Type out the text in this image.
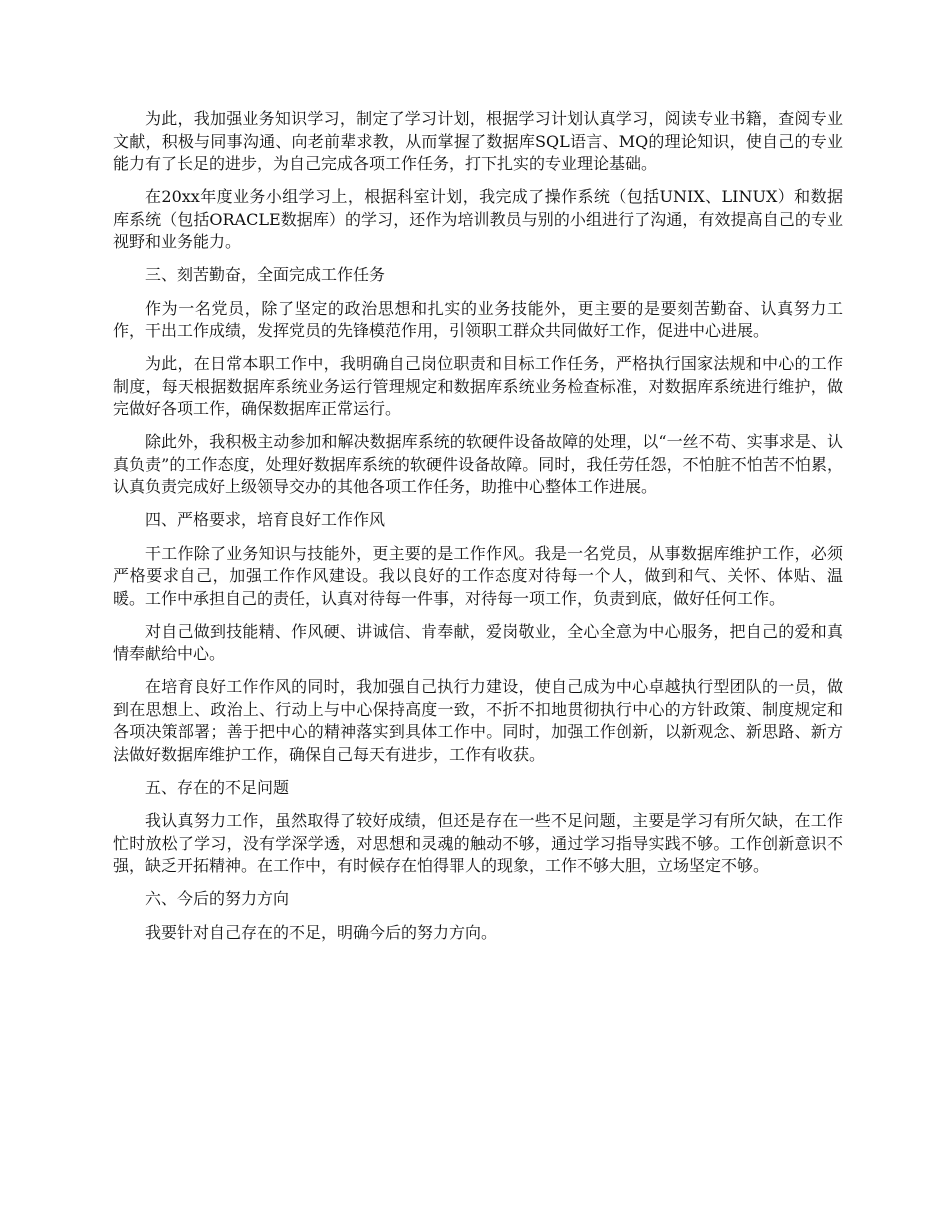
为此，我加强业务知识学习，制定了学习计划，根据学习计划认真学习，阅读专业书籍，查阅专业文献，积极与同事沟通、向老前辈求教，从而掌握了数据库SQL语言、MQ的理论知识，使自己的专业能力有了长足的进步，为自己完成各项工作任务，打下扎实的专业理论基础。

在20xx年度业务小组学习上，根据科室计划，我完成了操作系统（包括UNIX、LINUX）和数据库系统（包括ORACLE数据库）的学习，还作为培训教员与别的小组进行了沟通，有效提高自己的专业视野和业务能力。

三、刻苦勤奋，全面完成工作任务

作为一名党员，除了坚定的政治思想和扎实的业务技能外，更主要的是要刻苦勤奋、认真努力工作，干出工作成绩，发挥党员的先锋模范作用，引领职工群众共同做好工作，促进中心进展。

为此，在日常本职工作中，我明确自己岗位职责和目标工作任务，严格执行国家法规和中心的工作制度，每天根据数据库系统业务运行管理规定和数据库系统业务检查标准，对数据库系统进行维护，做完做好各项工作，确保数据库正常运行。

除此外，我积极主动参加和解决数据库系统的软硬件设备故障的处理，以“一丝不苟、实事求是、认真负责”的工作态度，处理好数据库系统的软硬件设备故障。同时，我任劳任怨，不怕脏不怕苦不怕累，认真负责完成好上级领导交办的其他各项工作任务，助推中心整体工作进展。

四、严格要求，培育良好工作作风

干工作除了业务知识与技能外，更主要的是工作作风。我是一名党员，从事数据库维护工作，必须严格要求自己，加强工作作风建设。我以良好的工作态度对待每一个人，做到和气、关怀、体贴、温暖。工作中承担自己的责任，认真对待每一件事，对待每一项工作，负责到底，做好任何工作。

对自己做到技能精、作风硬、讲诚信、肯奉献，爱岗敬业，全心全意为中心服务，把自己的爱和真情奉献给中心。

在培育良好工作作风的同时，我加强自己执行力建设，使自己成为中心卓越执行型团队的一员，做到在思想上、政治上、行动上与中心保持高度一致，不折不扣地贯彻执行中心的方针政策、制度规定和各项决策部署；善于把中心的精神落实到具体工作中。同时，加强工作创新，以新观念、新思路、新方法做好数据库维护工作，确保自己每天有进步，工作有收获。

五、存在的不足问题

我认真努力工作，虽然取得了较好成绩，但还是存在一些不足问题，主要是学习有所欠缺，在工作忙时放松了学习，没有学深学透，对思想和灵魂的触动不够，通过学习指导实践不够。工作创新意识不强，缺乏开拓精神。在工作中，有时候存在怕得罪人的现象，工作不够大胆，立场坚定不够。

六、今后的努力方向

我要针对自己存在的不足，明确今后的努力方向。
